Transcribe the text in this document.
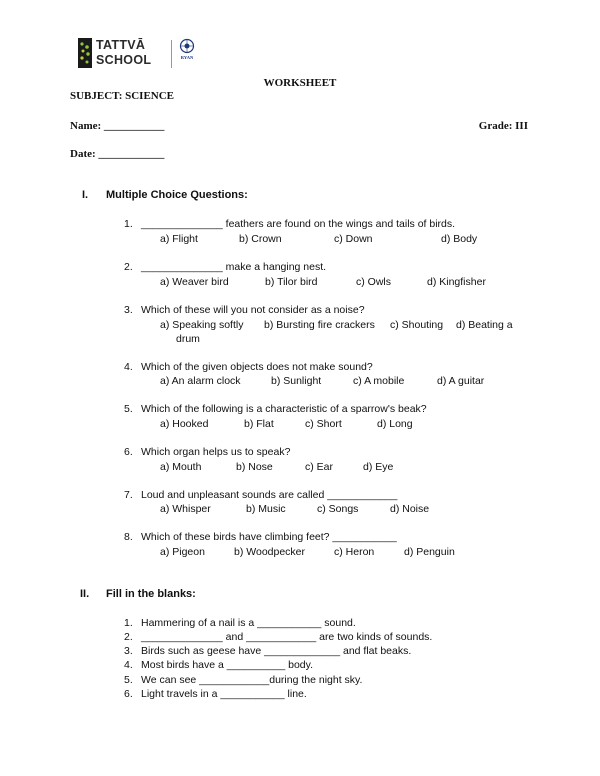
TATTVĀ
SCHOOL	RYAN
WORKSHEET
SUBJECT: SCIENCE
Name: ___________	Grade: III
Date: ____________
I. Multiple Choice Questions:
1. ______________ feathers are found on the wings and tails of birds.
a) Flight	b) Crown	c) Down	d) Body
2. ______________ make a hanging nest.
a) Weaver bird	b) Tilor bird	c) Owls	d) Kingfisher
3. Which of these will you not consider as a noise?
a) Speaking softly b) Bursting fire crackers c) Shouting d) Beating a
drum
4. Which of the given objects does not make sound?
a) An alarm clock	b) Sunlight	c) A mobile	d) A guitar
5. Which of the following is a characteristic of a sparrow's beak?
a) Hooked	b) Flat	c) Short	d) Long
6. Which organ helps us to speak?
a) Mouth	b) Nose	c) Ear	d) Eye
7. Loud and unpleasant sounds are called ____________
a) Whisper	b) Music	c) Songs	d) Noise
8. Which of these birds have climbing feet? ___________
a) Pigeon	b) Woodpecker	c) Heron	d) Penguin
II. Fill in the blanks:
1. Hammering of a nail is a ___________ sound.
2. ______________ and ____________ are two kinds of sounds.
3. Birds such as geese have _____________ and flat beaks.
4. Most birds have a __________ body.
5. We can see ____________during the night sky.
6. Light travels in a ___________ line.
